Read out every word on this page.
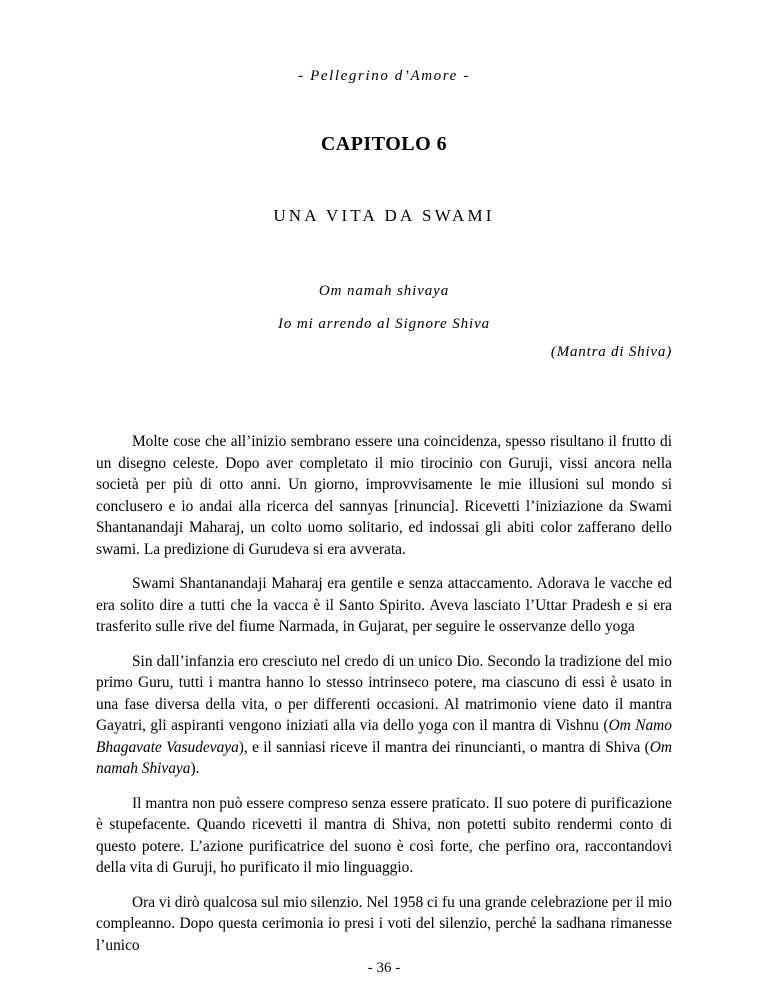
- Pellegrino d’Amore -
CAPITOLO 6
UNA VITA DA SWAMI
Om namah shivaya
Io mi arrendo al Signore Shiva
(Mantra di Shiva)

Molte cose che all’inizio sembrano essere una coincidenza, spesso risultano il frutto di un disegno celeste. Dopo aver completato il mio tirocinio con Guruji, vissi ancora nella società per più di otto anni. Un giorno, improvvisamente le mie illusioni sul mondo si conclusero e io andai alla ricerca del sannyas [rinuncia]. Ricevetti l’iniziazione da Swami Shantanandaji Maharaj, un colto uomo solitario, ed indossai gli abiti color zafferano dello swami. La predizione di Gurudeva si era avverata.

Swami Shantanandaji Maharaj era gentile e senza attaccamento. Adorava le vacche ed era solito dire a tutti che la vacca è il Santo Spirito. Aveva lasciato l’Uttar Pradesh e si era trasferito sulle rive del fiume Narmada, in Gujarat, per seguire le osservanze dello yoga

Sin dall’infanzia ero cresciuto nel credo di un unico Dio. Secondo la tradizione del mio primo Guru, tutti i mantra hanno lo stesso intrinseco potere, ma ciascuno di essi è usato in una fase diversa della vita, o per differenti occasioni. Al matrimonio viene dato il mantra Gayatri, gli aspiranti vengono iniziati alla via dello yoga con il mantra di Vishnu (Om Namo Bhagavate Vasudevaya), e il sanniasi riceve il mantra dei rinuncianti, o mantra di Shiva (Om namah Shivaya).

Il mantra non può essere compreso senza essere praticato. Il suo potere di purificazione è stupefacente. Quando ricevetti il mantra di Shiva, non potetti subito rendermi conto di questo potere. L’azione purificatrice del suono è così forte, che perfino ora, raccontandovi della vita di Guruji, ho purificato il mio linguaggio.

Ora vi dirò qualcosa sul mio silenzio. Nel 1958 ci fu una grande celebrazione per il mio compleanno. Dopo questa cerimonia io presi i voti del silenzio, perché la sadhana rimanesse l’unico

- 36 -
